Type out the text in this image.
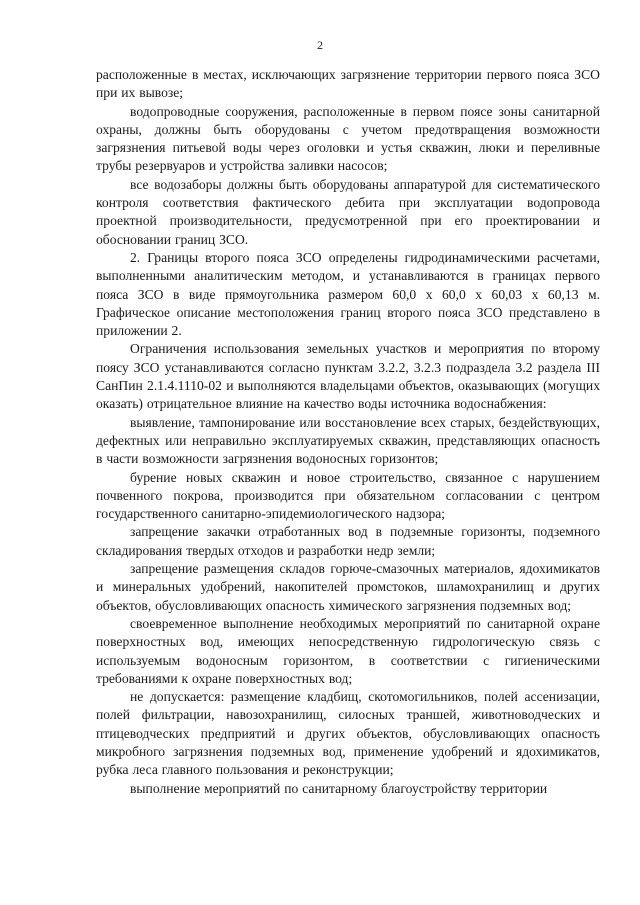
2

расположенные в местах, исключающих загрязнение территории первого пояса ЗСО при их вывозе;

водопроводные сооружения, расположенные в первом поясе зоны санитарной охраны, должны быть оборудованы с учетом предотвращения возможности загрязнения питьевой воды через оголовки и устья скважин, люки и переливные трубы резервуаров и устройства заливки насосов;

все водозаборы должны быть оборудованы аппаратурой для систематического контроля соответствия фактического дебита при эксплуатации водопровода проектной производительности, предусмотренной при его проектировании и обосновании границ ЗСО.

2. Границы второго пояса ЗСО определены гидродинамическими расчетами, выполненными аналитическим методом, и устанавливаются в границах первого пояса ЗСО в виде прямоугольника размером 60,0 х 60,0 х 60,03 х 60,13 м. Графическое описание местоположения границ второго пояса ЗСО представлено в приложении 2.

Ограничения использования земельных участков и мероприятия по второму поясу ЗСО устанавливаются согласно пунктам 3.2.2, 3.2.3 подраздела 3.2 раздела III СанПин 2.1.4.1110-02 и выполняются владельцами объектов, оказывающих (могущих оказать) отрицательное влияние на качество воды источника водоснабжения:

выявление, тампонирование или восстановление всех старых, бездействующих, дефектных или неправильно эксплуатируемых скважин, представляющих опасность в части возможности загрязнения водоносных горизонтов;

бурение новых скважин и новое строительство, связанное с нарушением почвенного покрова, производится при обязательном согласовании с центром государственного санитарно-эпидемиологического надзора;

запрещение закачки отработанных вод в подземные горизонты, подземного складирования твердых отходов и разработки недр земли;

запрещение размещения складов горюче-смазочных материалов, ядохимикатов и минеральных удобрений, накопителей промстоков, шламохранилищ и других объектов, обусловливающих опасность химического загрязнения подземных вод;

своевременное выполнение необходимых мероприятий по санитарной охране поверхностных вод, имеющих непосредственную гидрологическую связь с используемым водоносным горизонтом, в соответствии с гигиеническими требованиями к охране поверхностных вод;

не допускается: размещение кладбищ, скотомогильников, полей ассенизации, полей фильтрации, навозохранилищ, силосных траншей, животноводческих и птицеводческих предприятий и других объектов, обусловливающих опасность микробного загрязнения подземных вод, применение удобрений и ядохимикатов, рубка леса главного пользования и реконструкции;

выполнение мероприятий по санитарному благоустройству территории
